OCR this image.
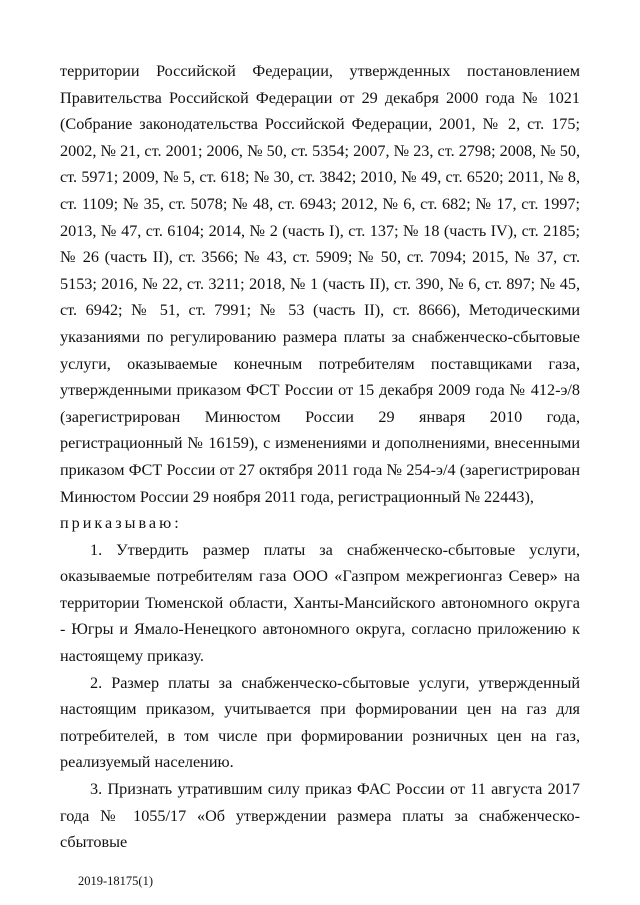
территории Российской Федерации, утвержденных постановлением Правительства Российской Федерации от 29 декабря 2000 года № 1021 (Собрание законодательства Российской Федерации, 2001, № 2, ст. 175; 2002, № 21, ст. 2001; 2006, № 50, ст. 5354; 2007, № 23, ст. 2798; 2008, № 50, ст. 5971; 2009, № 5, ст. 618; № 30, ст. 3842; 2010, № 49, ст. 6520; 2011, № 8, ст. 1109; № 35, ст. 5078; № 48, ст. 6943; 2012, № 6, ст. 682; № 17, ст. 1997; 2013, № 47, ст. 6104; 2014, № 2 (часть I), ст. 137; № 18 (часть IV), ст. 2185; № 26 (часть II), ст. 3566; № 43, ст. 5909; № 50, ст. 7094; 2015, № 37, ст. 5153; 2016, № 22, ст. 3211; 2018, № 1 (часть II), ст. 390, № 6, ст. 897; № 45, ст. 6942; № 51, ст. 7991; № 53 (часть II), ст. 8666), Методическими указаниями по регулированию размера платы за снабженческо-сбытовые услуги, оказываемые конечным потребителям поставщиками газа, утвержденными приказом ФСТ России от 15 декабря 2009 года № 412-э/8 (зарегистрирован Минюстом России 29 января 2010 года, регистрационный № 16159), с изменениями и дополнениями, внесенными приказом ФСТ России от 27 октября 2011 года № 254-э/4 (зарегистрирован Минюстом России 29 ноября 2011 года, регистрационный № 22443),

приказываю:

1. Утвердить размер платы за снабженческо-сбытовые услуги, оказываемые потребителям газа ООО «Газпром межрегионгаз Север» на территории Тюменской области, Ханты-Мансийского автономного округа - Югры и Ямало-Ненецкого автономного округа, согласно приложению к настоящему приказу.

2. Размер платы за снабженческо-сбытовые услуги, утвержденный настоящим приказом, учитывается при формировании цен на газ для потребителей, в том числе при формировании розничных цен на газ, реализуемый населению.

3. Признать утратившим силу приказ ФАС России от 11 августа 2017 года № 1055/17 «Об утверждении размера платы за снабженческо-сбытовые

2019-18175(1)
